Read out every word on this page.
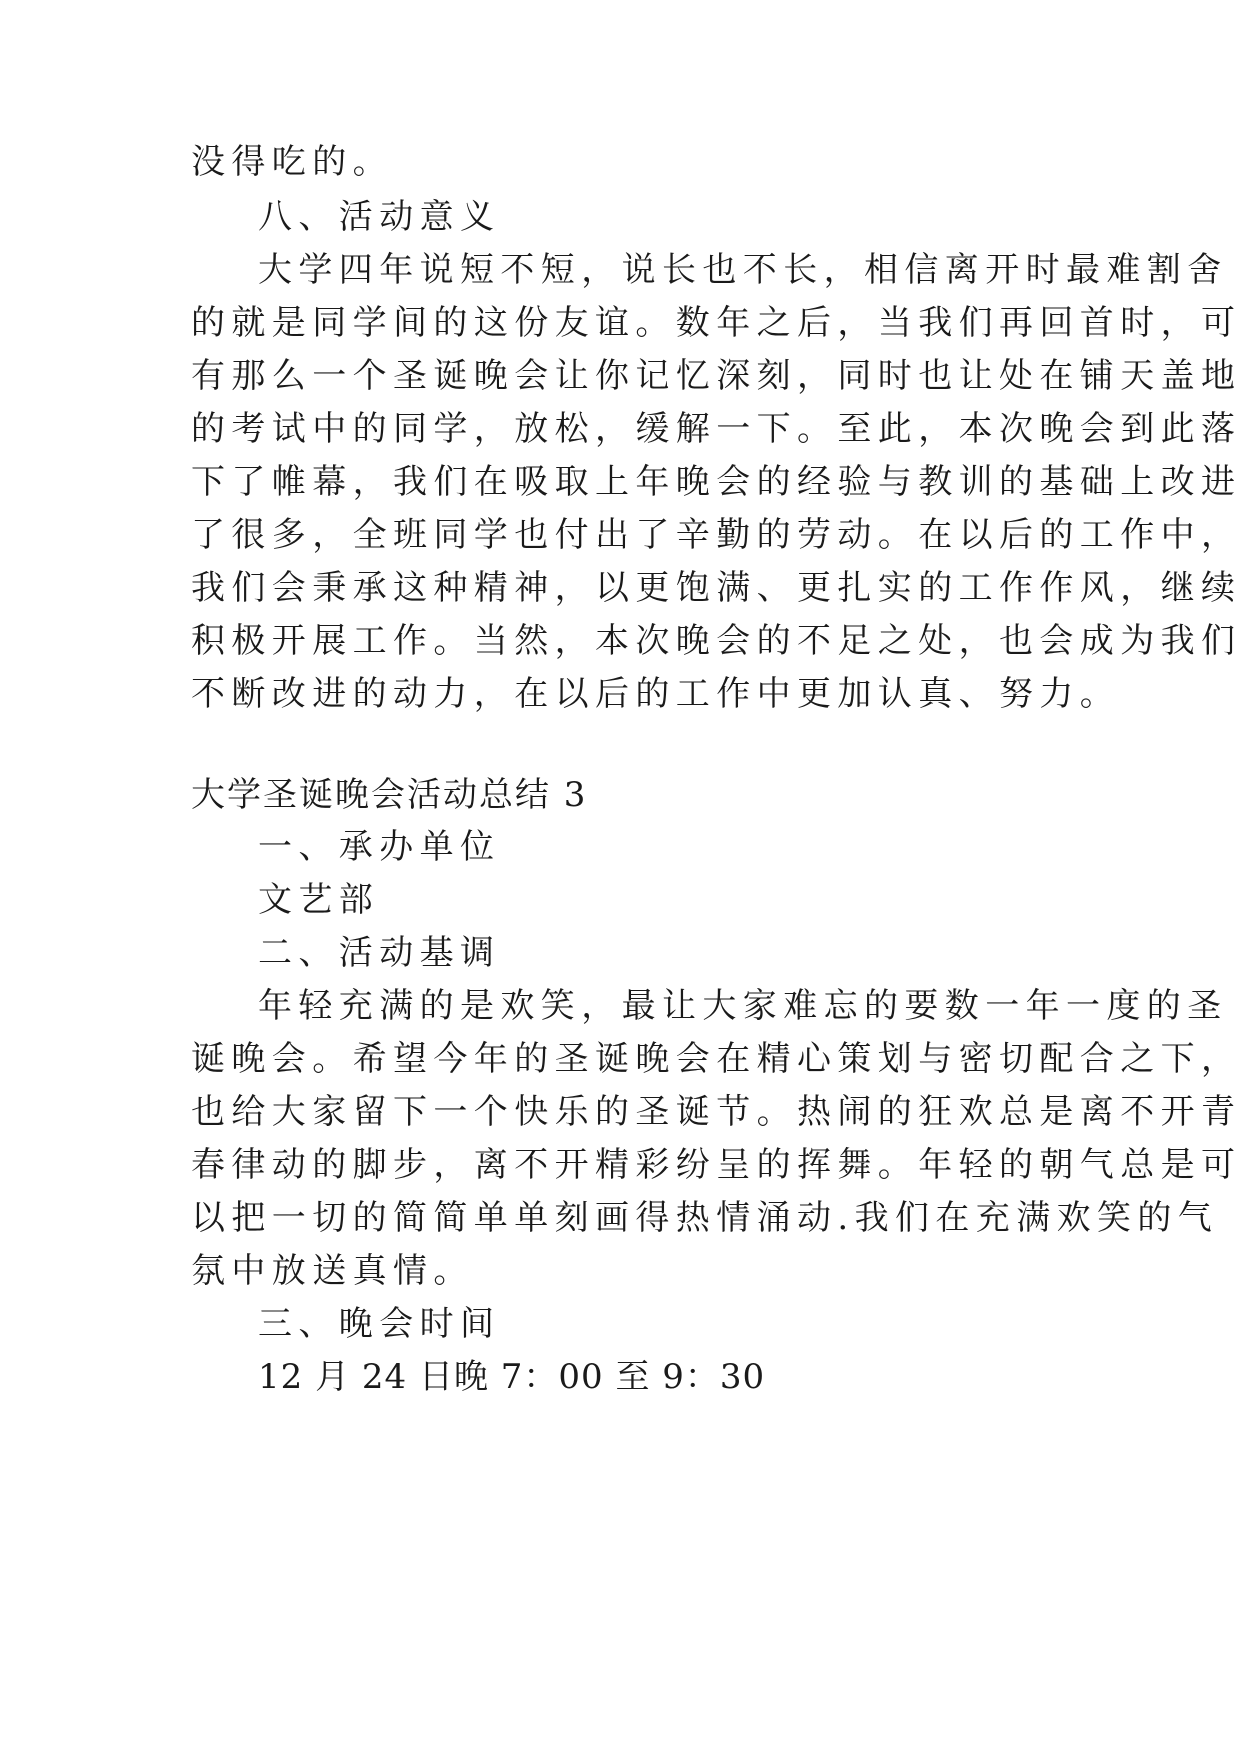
没得吃的。
八、活动意义
大学四年说短不短，说长也不长，相信离开时最难割舍
的就是同学间的这份友谊。数年之后，当我们再回首时，可
有那么一个圣诞晚会让你记忆深刻，同时也让处在铺天盖地
的考试中的同学，放松，缓解一下。至此，本次晚会到此落
下了帷幕，我们在吸取上年晚会的经验与教训的基础上改进
了很多，全班同学也付出了辛勤的劳动。在以后的工作中，
我们会秉承这种精神，以更饱满、更扎实的工作作风，继续
积极开展工作。当然，本次晚会的不足之处，也会成为我们
不断改进的动力，在以后的工作中更加认真、努力。
大学圣诞晚会活动总结 3
一、承办单位
文艺部
二、活动基调
年轻充满的是欢笑，最让大家难忘的要数一年一度的圣
诞晚会。希望今年的圣诞晚会在精心策划与密切配合之下，
也给大家留下一个快乐的圣诞节。热闹的狂欢总是离不开青
春律动的脚步，离不开精彩纷呈的挥舞。年轻的朝气总是可
以把一切的简简单单刻画得热情涌动.我们在充满欢笑的气
氛中放送真情。
三、晚会时间
12 月 24 日晚 7：00 至 9：30
